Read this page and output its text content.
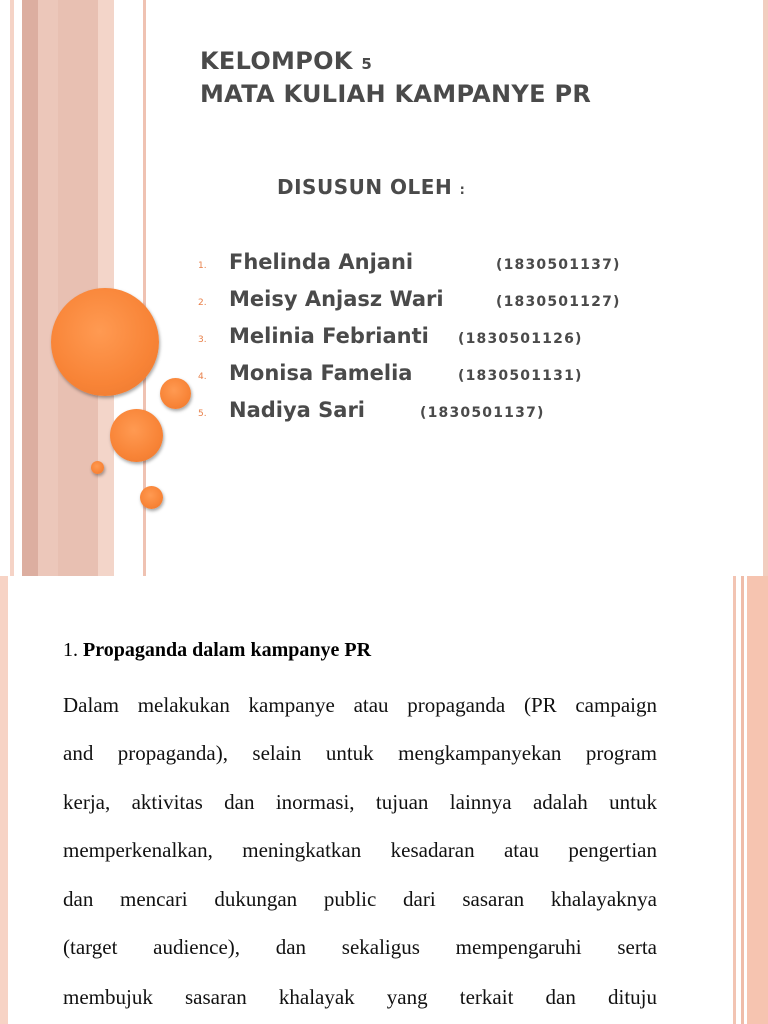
KELOMPOK 5
MATA KULIAH KAMPANYE PR
DISUSUN OLEH :
1. Fhelinda Anjani	(1830501137)
2. Meisy Anjasz Wari	(1830501127)
3. Melinia Febrianti (1830501126)
4. Monisa Famelia	(1830501131)
5. Nadiya Sari	(1830501137)

1. Propaganda dalam kampanye PR

Dalam melakukan kampanye atau propaganda (PR campaign

and propaganda), selain untuk mengkampanyekan program

kerja, aktivitas dan inormasi, tujuan lainnya adalah untuk

memperkenalkan, meningkatkan kesadaran atau pengertian

dan mencari dukungan public dari sasaran khalayaknya

(target audience), dan sekaligus mempengaruhi serta

membujuk sasaran khalayak yang terkait dan dituju
